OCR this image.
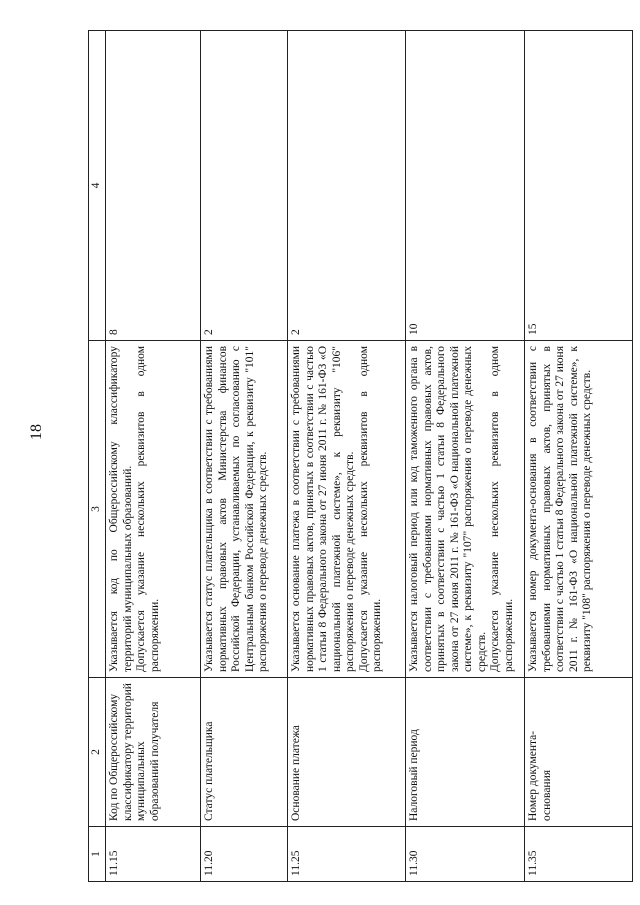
18
1	2	3	4
11.15	Код по Общероссийскому классификатору территорий муниципальных образований получателя	Указывается код по Общероссийскому классификатору территорий муниципальных образований. Допускается указание нескольких реквизитов в одном распоряжении.	8
11.20	Статус плательщика	Указывается статус плательщика в соответствии с требованиями нормативных правовых актов Министерства финансов Российской Федерации, устанавливаемых по согласованию с Центральным банком Российской Федерации, к реквизиту "101" распоряжения о переводе денежных средств.	2
11.25	Основание платежа	Указывается основание платежа в соответствии с требованиями нормативных правовых актов, принятых в соответствии с частью 1 статьи 8 Федерального закона от 27 июня 2011 г. № 161-ФЗ «О национальной платежной системе», к реквизиту "106" распоряжения о переводе денежных средств. Допускается указание нескольких реквизитов в одном распоряжении.	2
11.30	Налоговый период	Указывается налоговый период или код таможенного органа в соответствии с требованиями нормативных правовых актов, принятых в соответствии с частью 1 статьи 8 Федерального закона от 27 июня 2011 г. № 161-ФЗ «О национальной платежной системе», к реквизиту "107" распоряжения о переводе денежных средств. Допускается указание нескольких реквизитов в одном распоряжении.	10
11.35	Номер документа-основания	Указывается номер документа-основания в соответствии с требованиями нормативных правовых актов, принятых в соответствии с частью 1 статьи 8 Федерального закона от 27 июня 2011 г. № 161-ФЗ «О национальной платежной системе», к реквизиту "108" распоряжения о переводе денежных средств.	15
